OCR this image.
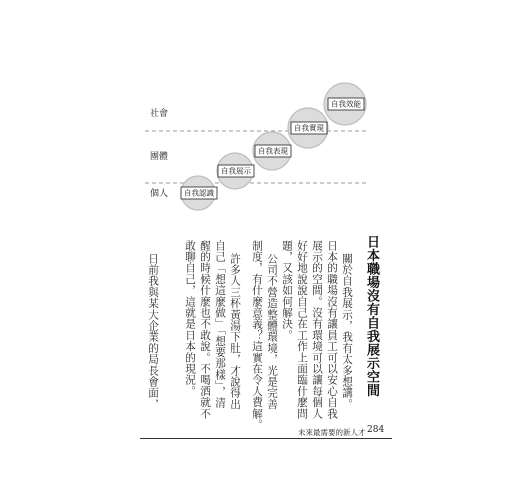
社會
團體
個人 自我認識
自我展示
自我表現
自我實現
自我效能
日本職場沒有自我展示空間
關於自我展示，我有太多想講。
日本的職場沒有讓員工可以安心自我
展示的空間。沒有環境可以讓每個人
好好地說說自己在工作上面臨什麼問
題，又該如何解決。
公司不營造整體環境，光是完善
制度，有什麼意義？這實在令人費解。
許多人三杯黃湯下肚，才說得出
自己「想這麼做」「想要那樣」，清
醒的時候什麼也不敢說。不喝酒就不
敢聊自己，這就是日本的現況。
日前我與某大企業的局長會面，
未來最需要的新人才 284
